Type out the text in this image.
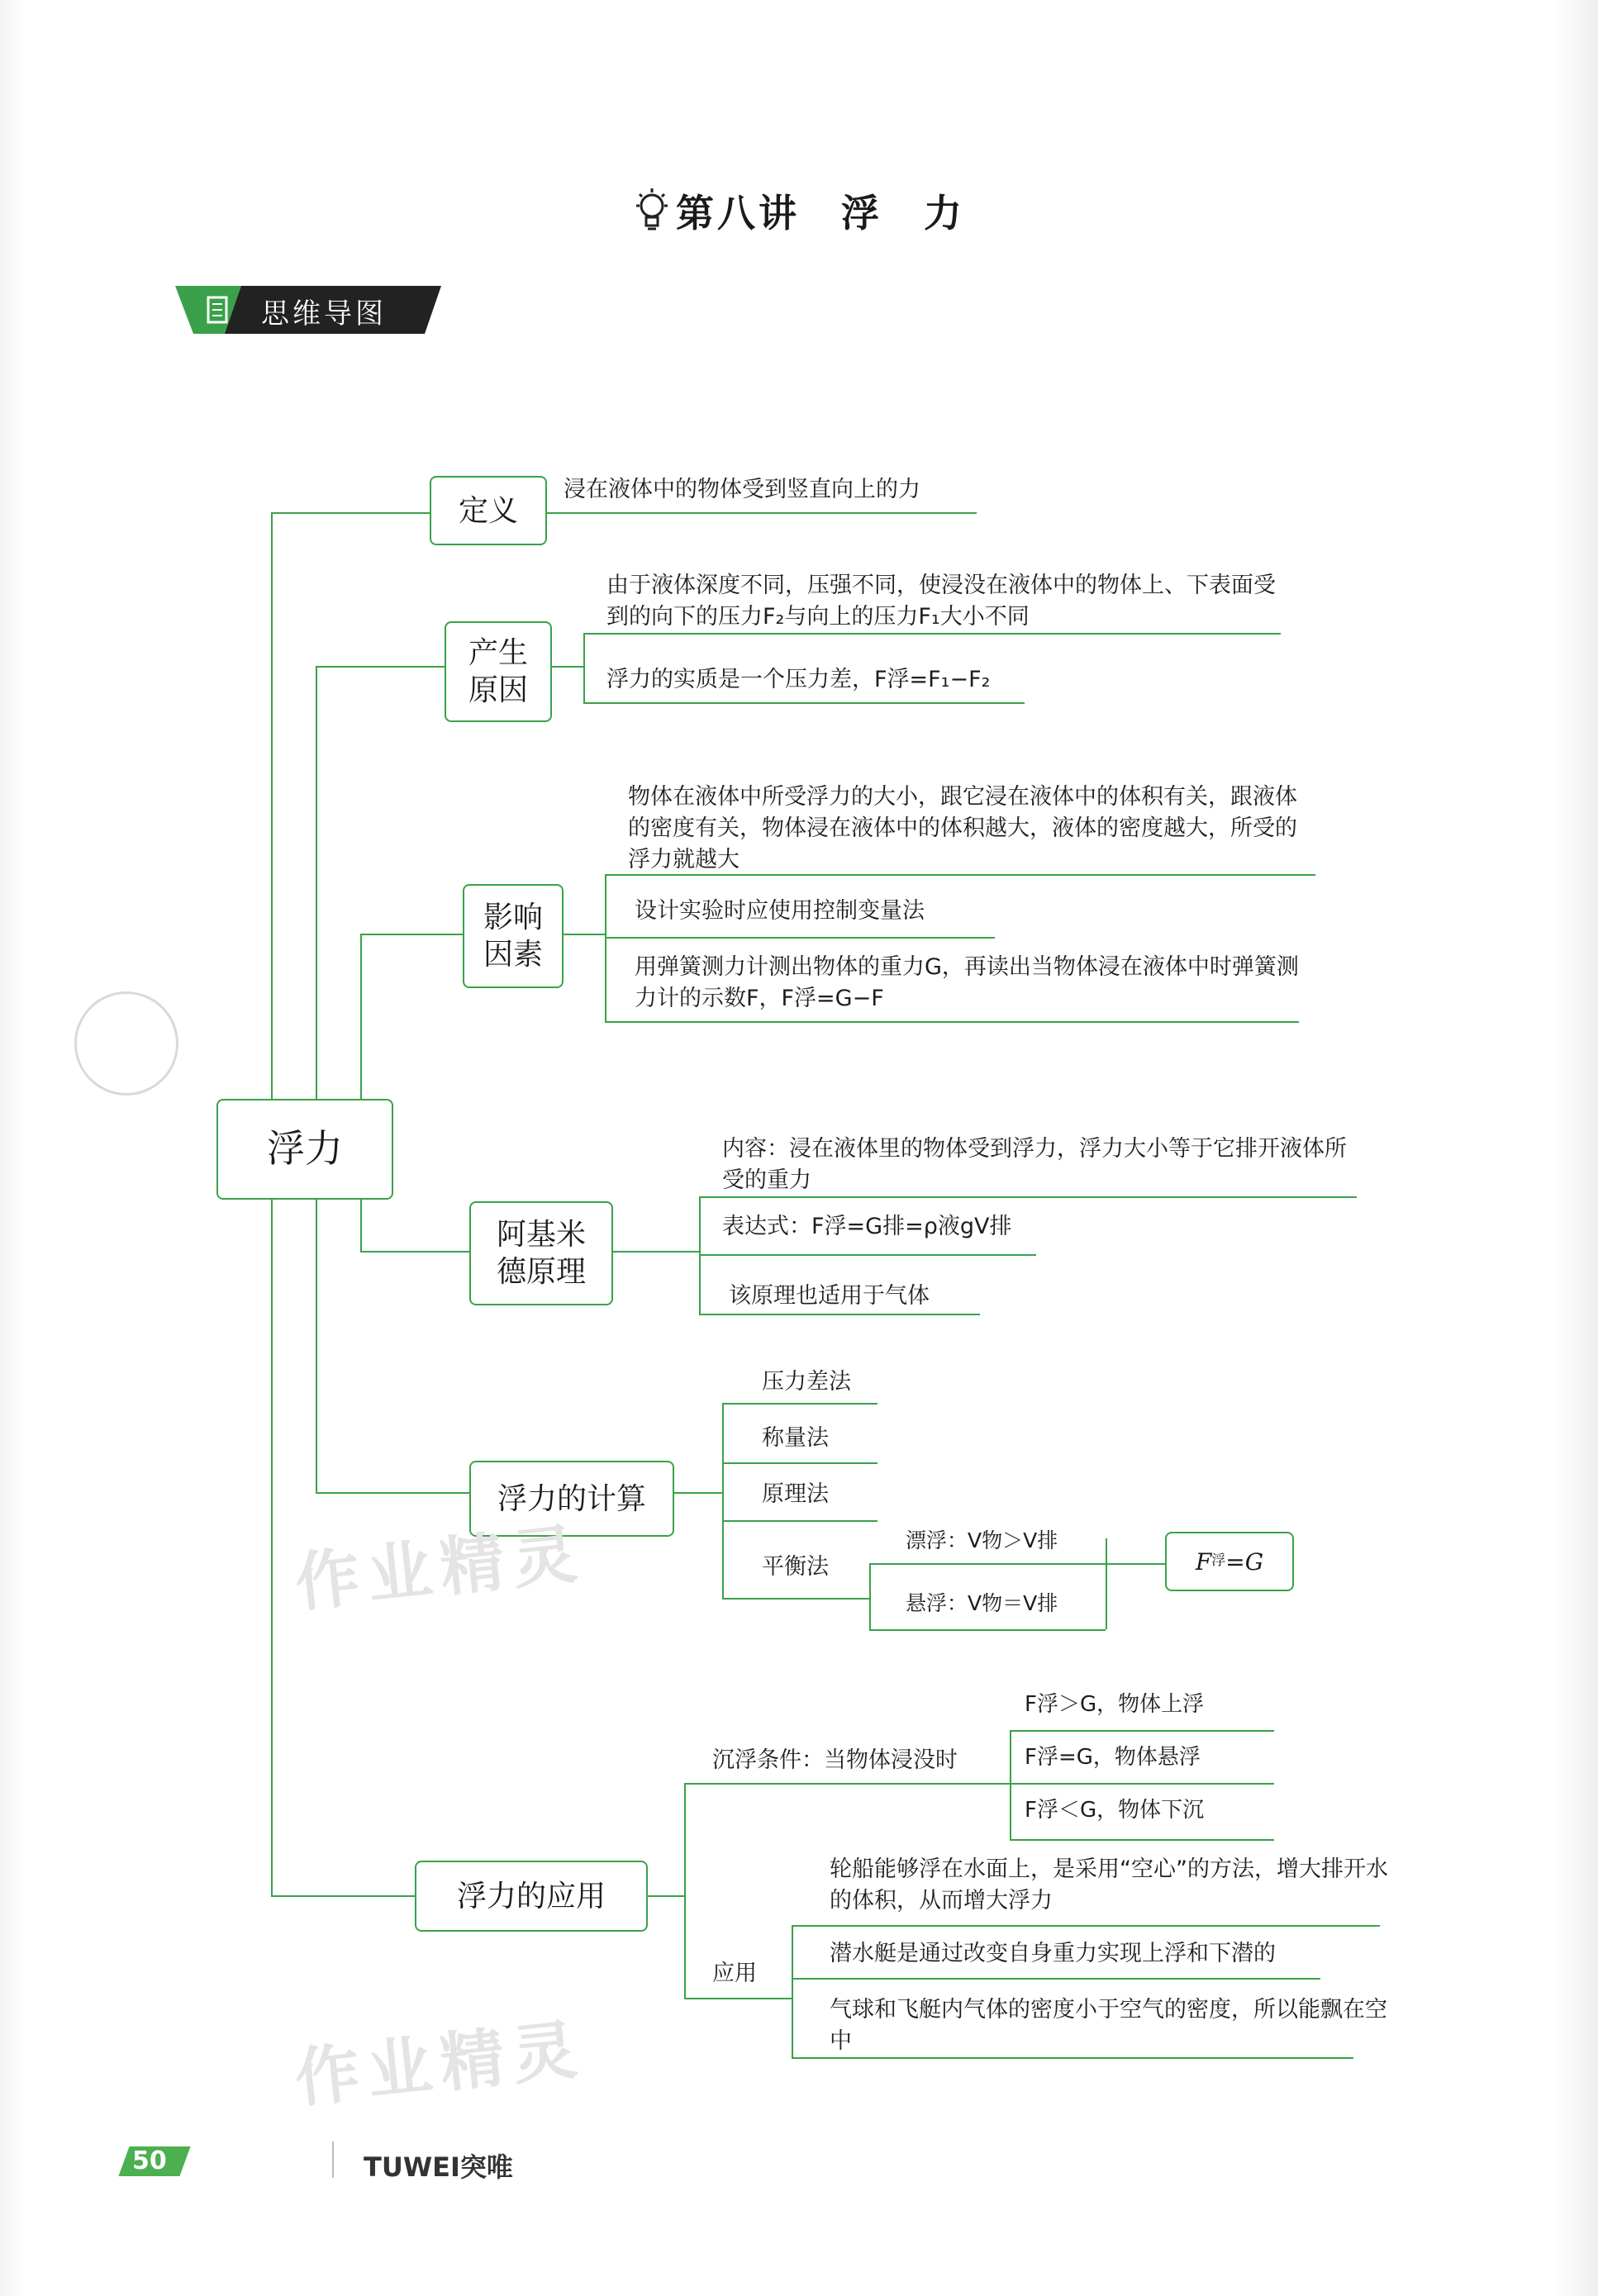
第八讲　浮　力
思维导图
浮力
定义
产生原因
影响因素
阿基米德原理
浮力的计算
浮力的应用
F 浮 = G
浸在液体中的物体受到竖直向上的力
由于液体深度不同，压强不同，使浸没在液体中的物体上、下表面受到的向下的压力F₂与向上的压力F₁大小不同
浮力的实质是一个压力差，F浮=F₁−F₂
物体在液体中所受浮力的大小，跟它浸在液体中的体积有关，跟液体的密度有关，物体浸在液体中的体积越大，液体的密度越大，所受的浮力就越大
设计实验时应使用控制变量法
用弹簧测力计测出物体的重力G，再读出当物体浸在液体中时弹簧测力计的示数F，F浮=G−F
内容：浸在液体里的物体受到浮力，浮力大小等于它排开液体所受的重力
表达式：F浮=G排=ρ液gV排
该原理也适用于气体
压力差法
称量法
原理法
平衡法
漂浮：V物＞V排
悬浮：V物＝V排
沉浮条件：当物体浸没时
F浮＞G，物体上浮
F浮=G，物体悬浮
F浮＜G，物体下沉
应用
轮船能够浮在水面上，是采用“空心”的方法，增大排开水的体积，从而增大浮力
潜水艇是通过改变自身重力实现上浮和下潜的
气球和飞艇内气体的密度小于空气的密度，所以能飘在空中
作业精灵
作业精灵
50	TUWEI突唯
